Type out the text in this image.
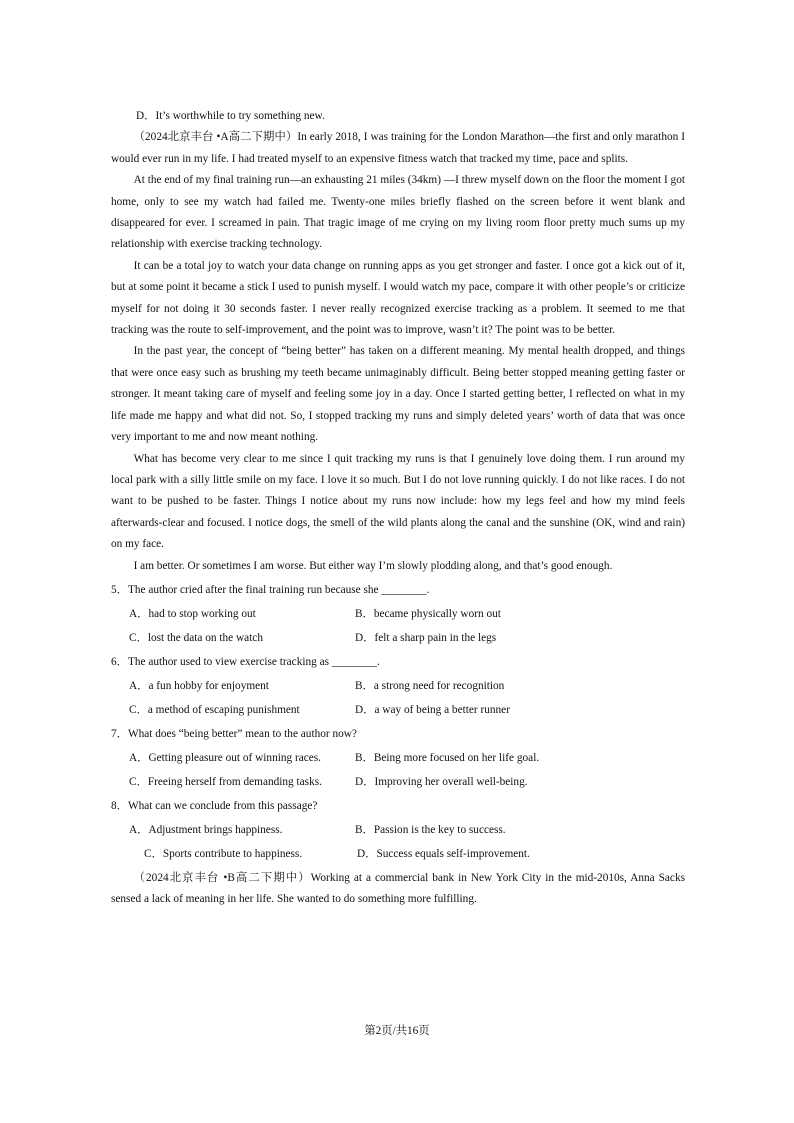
D．It’s worthwhile to try something new.

（2024北京丰台 •A高二下期中）In early 2018, I was training for the London Marathon—the first and only marathon I would ever run in my life. I had treated myself to an expensive fitness watch that tracked my time, pace and splits.

At the end of my final training run—an exhausting 21 miles (34km) —I threw myself down on the floor the moment I got home, only to see my watch had failed me. Twenty-one miles briefly flashed on the screen before it went blank and disappeared for ever. I screamed in pain. That tragic image of me crying on my living room floor pretty much sums up my relationship with exercise tracking technology.

It can be a total joy to watch your data change on running apps as you get stronger and faster. I once got a kick out of it, but at some point it became a stick I used to punish myself. I would watch my pace, compare it with other people’s or criticize myself for not doing it 30 seconds faster. I never really recognized exercise tracking as a problem. It seemed to me that tracking was the route to self-improvement, and the point was to improve, wasn’t it? The point was to be better.

In the past year, the concept of “being better” has taken on a different meaning. My mental health dropped, and things that were once easy such as brushing my teeth became unimaginably difficult. Being better stopped meaning getting faster or stronger. It meant taking care of myself and feeling some joy in a day. Once I started getting better, I reflected on what in my life made me happy and what did not. So, I stopped tracking my runs and simply deleted years’ worth of data that was once very important to me and now meant nothing.

What has become very clear to me since I quit tracking my runs is that I genuinely love doing them. I run around my local park with a silly little smile on my face. I love it so much. But I do not love running quickly. I do not like races. I do not want to be pushed to be faster. Things I notice about my runs now include: how my legs feel and how my mind feels afterwards-clear and focused. I notice dogs, the smell of the wild plants along the canal and the sunshine (OK, wind and rain) on my face.

I am better. Or sometimes I am worse. But either way I’m slowly plodding along, and that’s good enough.

5．The author cried after the final training run because she ________.

A．had to stop working out	B．became physically worn out
C．lost the data on the watch	D．felt a sharp pain in the legs

6．The author used to view exercise tracking as ________.

A．a fun hobby for enjoyment	B．a strong need for recognition
C．a method of escaping punishment	D．a way of being a better runner

7．What does “being better” mean to the author now?

A．Getting pleasure out of winning races.	B．Being more focused on her life goal.
C．Freeing herself from demanding tasks.	D．Improving her overall well-being.

8．What can we conclude from this passage?

A．Adjustment brings happiness.	B．Passion is the key to success.
C．Sports contribute to happiness.	D．Success equals self-improvement.

（2024北京丰台 •B高二下期中）Working at a commercial bank in New York City in the mid-2010s, Anna Sacks sensed a lack of meaning in her life. She wanted to do something more fulfilling.

第2页/共16页
